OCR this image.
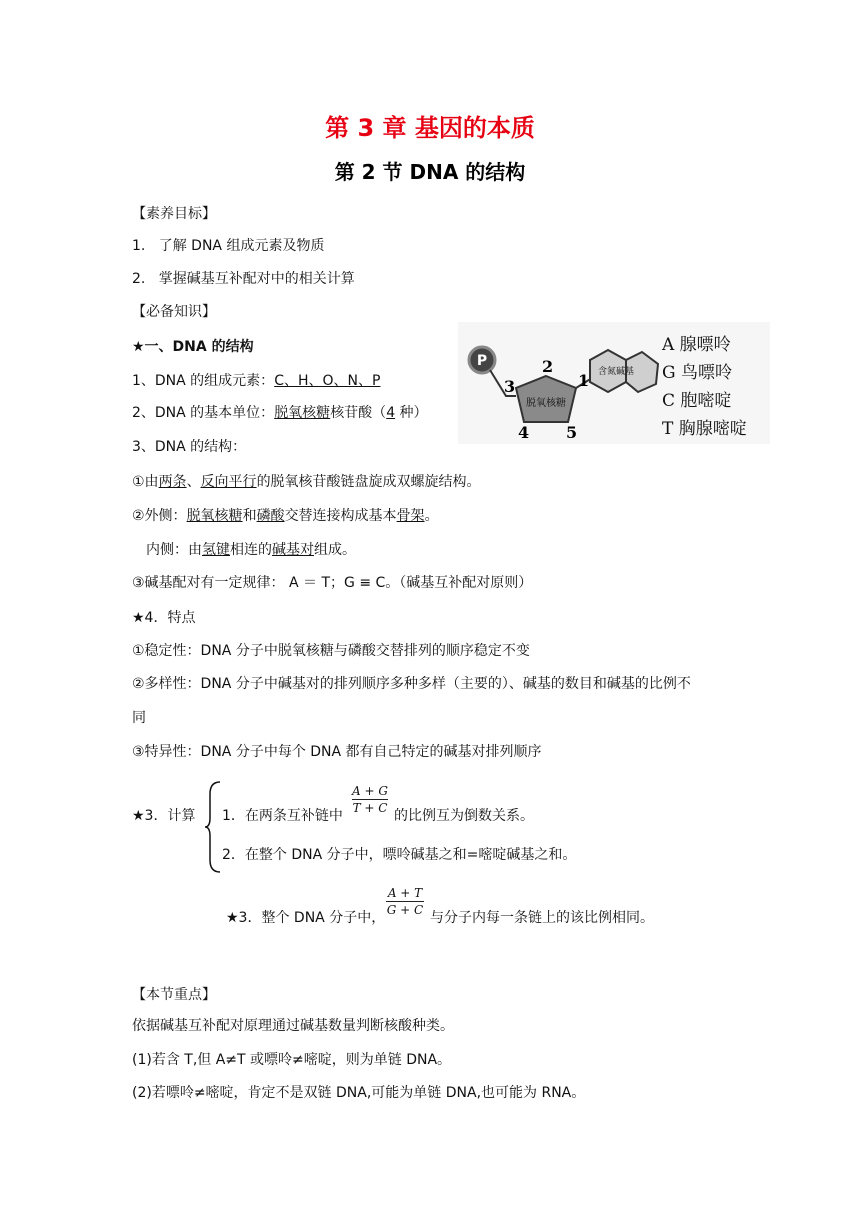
第 3 章 基因的本质
第 2 节 DNA 的结构
【素养目标】
1. 了解 DNA 组成元素及物质
2. 掌握碱基互补配对中的相关计算
【必备知识】
★一、DNA 的结构
1、DNA 的组成元素：C、H、O、N、P
2、DNA 的基本单位：脱氧核糖核苷酸（4 种）
3、DNA 的结构：
①由两条、反向平行的脱氧核苷酸链盘旋成双螺旋结构。
②外侧：脱氧核糖和磷酸交替连接构成基本骨架。
内侧：由氢键相连的碱基对组成。
③碱基配对有一定规律： A ＝ T；G ≡ C。（碱基互补配对原则）
★4．特点
①稳定性：DNA 分子中脱氧核糖与磷酸交替排列的顺序稳定不变
②多样性：DNA 分子中碱基对的排列顺序多种多样（主要的）、碱基的数目和碱基的比例不
同
③特异性：DNA 分子中每个 DNA 都有自己特定的碱基对排列顺序
P
脱氧核糖
含氮碱基
1
2
3
4 5
A 腺嘌呤
G 鸟嘌呤
C 胞嘧啶
T 胸腺嘧啶
★3．计算 1．在两条互补链中
A + G
T + C 的比例互为倒数关系。
2．在整个 DNA 分子中，嘌呤碱基之和=嘧啶碱基之和。
★3．整个 DNA 分子中，
A + T
G + C 与分子内每一条链上的该比例相同。
【本节重点】
依据碱基互补配对原理通过碱基数量判断核酸种类。
(1)若含 T,但 A≠T 或嘌呤≠嘧啶，则为单链 DNA。
(2)若嘌呤≠嘧啶，肯定不是双链 DNA,可能为单链 DNA,也可能为 RNA。
